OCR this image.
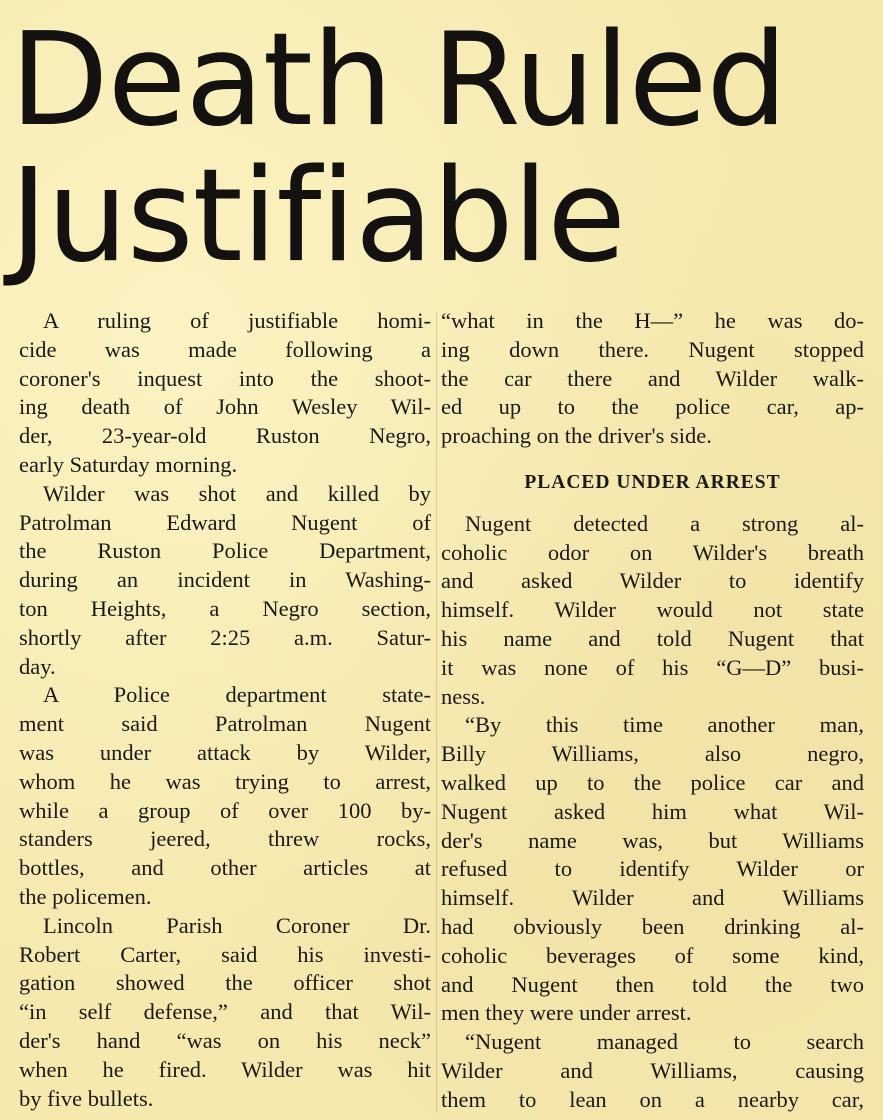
Death Ruled
Justifiable

A ruling of justifiable homi-

cide was made following a

coroner's inquest into the shoot-

ing death of John Wesley Wil-

der, 23-year-old Ruston Negro,

early Saturday morning.

Wilder was shot and killed by

Patrolman Edward Nugent of

the Ruston Police Department,

during an incident in Washing-

ton Heights, a Negro section,

shortly after 2:25 a.m. Satur-

day.

A Police department state-

ment said Patrolman Nugent

was under attack by Wilder,

whom he was trying to arrest,

while a group of over 100 by-

standers jeered, threw rocks,

bottles, and other articles at

the policemen.

Lincoln Parish Coroner Dr.

Robert Carter, said his investi-

gation showed the officer shot

“in self defense,” and that Wil-

der's hand “was on his neck”

when he fired. Wilder was hit

by five bullets.

“what in the H—” he was do-

ing down there. Nugent stopped

the car there and Wilder walk-

ed up to the police car, ap-

proaching on the driver's side.

PLACED UNDER ARREST

Nugent detected a strong al-

coholic odor on Wilder's breath

and asked Wilder to identify

himself. Wilder would not state

his name and told Nugent that

it was none of his “G—D” busi-

ness.

“By this time another man,

Billy Williams, also negro,

walked up to the police car and

Nugent asked him what Wil-

der's name was, but Williams

refused to identify Wilder or

himself. Wilder and Williams

had obviously been drinking al-

coholic beverages of some kind,

and Nugent then told the two

men they were under arrest.

“Nugent managed to search

Wilder and Williams, causing

them to lean on a nearby car,
